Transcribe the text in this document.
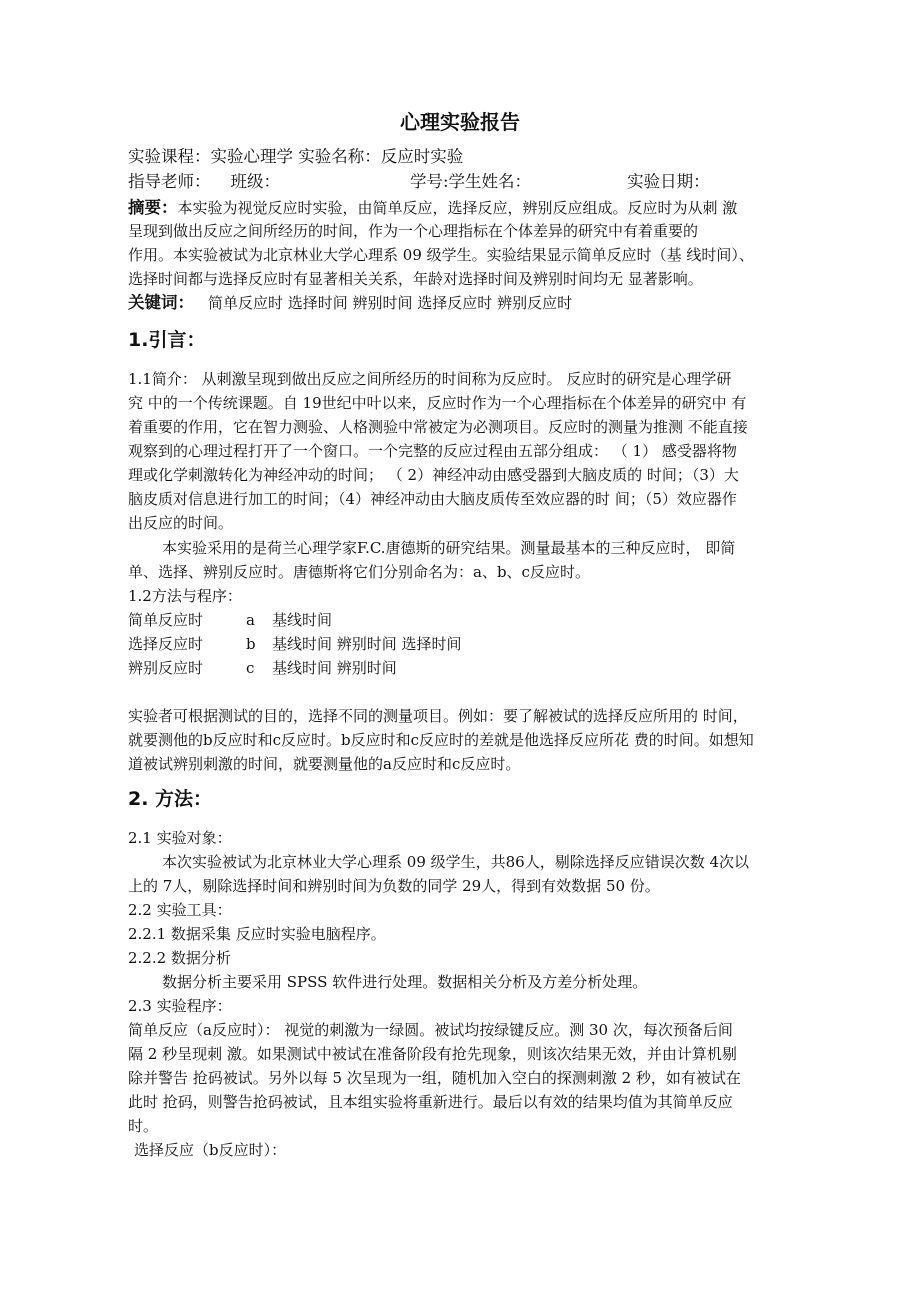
心理实验报告
实验课程：实验心理学 实验名称：反应时实验
指导老师： 班级：	学号:学生姓名：	实验日期：
摘要：本实验为视觉反应时实验，由简单反应，选择反应，辨别反应组成。反应时为从刺 激
呈现到做出反应之间所经历的时间，作为一个心理指标在个体差异的研究中有着重要的
作用。本实验被试为北京林业大学心理系 09 级学生。实验结果显示简单反应时（基 线时间）、
选择时间都与选择反应时有显著相关关系，年龄对选择时间及辨别时间均无 显著影响。
关键词： 简单反应时 选择时间 辨别时间 选择反应时 辨别反应时
1.引言：
1.1简介： 从刺激呈现到做出反应之间所经历的时间称为反应时。 反应时的研究是心理学研
究 中的一个传统课题。自 19世纪中叶以来，反应时作为一个心理指标在个体差异的研究中 有
着重要的作用，它在智力测验、人格测验中常被定为必测项目。反应时的测量为推测 不能直接
观察到的心理过程打开了一个窗口。一个完整的反应过程由五部分组成： （ 1） 感受器将物
理或化学刺激转化为神经冲动的时间； （ 2）神经冲动由感受器到大脑皮质的 时间；（3）大
脑皮质对信息进行加工的时间；（4）神经冲动由大脑皮质传至效应器的时 间；（5）效应器作
出反应的时间。
本实验采用的是荷兰心理学家F.C.唐德斯的研究结果。测量最基本的三种反应时， 即简
单、选择、辨别反应时。唐德斯将它们分别命名为：a、b、c反应时。
1.2方法与程序：
简单反应时	a 基线时间
选择反应时	b 基线时间 辨别时间 选择时间
辨别反应时	c 基线时间 辨别时间
实验者可根据测试的目的，选择不同的测量项目。例如：要了解被试的选择反应所用的 时间，
就要测他的b反应时和c反应时。b反应时和c反应时的差就是他选择反应所花 费的时间。如想知
道被试辨别刺激的时间，就要测量他的a反应时和c反应时。
2. 方法：
2.1 实验对象：
本次实验被试为北京林业大学心理系 09 级学生，共86人，剔除选择反应错误次数 4次以
上的 7人，剔除选择时间和辨别时间为负数的同学 29人，得到有效数据 50 份。
2.2 实验工具：
2.2.1 数据采集 反应时实验电脑程序。
2.2.2 数据分析
数据分析主要采用 SPSS 软件进行处理。数据相关分析及方差分析处理。
2.3 实验程序：
简单反应（a反应时）： 视觉的刺激为一绿圆。被试均按绿键反应。测 30 次，每次预备后间
隔 2 秒呈现刺 激。如果测试中被试在准备阶段有抢先现象，则该次结果无效，并由计算机剔
除并警告 抢码被试。另外以每 5 次呈现为一组，随机加入空白的探测刺激 2 秒，如有被试在
此时 抢码，则警告抢码被试，且本组实验将重新进行。最后以有效的结果均值为其简单反应
时。
选择反应（b反应时）：
